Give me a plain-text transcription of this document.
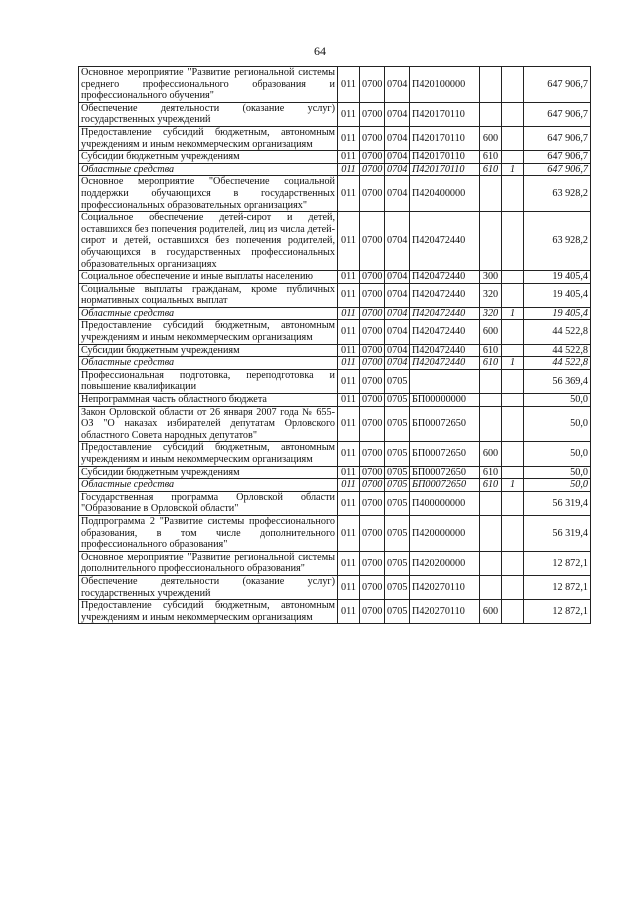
64
Основное мероприятие "Развитие региональной системы среднего профессионального образования и профессионального обучения"	011	0700	0704	П420100000			647 906,7
Обеспечение деятельности (оказание услуг) государственных учреждений	011	0700	0704	П420170110			647 906,7
Предоставление субсидий бюджетным, автономным учреждениям и иным некоммерческим организациям	011	0700	0704	П420170110	600		647 906,7
Субсидии бюджетным учреждениям	011	0700	0704	П420170110	610		647 906,7
Областные средства	011	0700	0704	П420170110	610	1	647 906,7
Основное мероприятие "Обеспечение социальной поддержки обучающихся в государственных профессиональных образовательных организациях"	011	0700	0704	П420400000			63 928,2
Социальное обеспечение детей-сирот и детей, оставшихся без попечения родителей, лиц из числа детей-сирот и детей, оставшихся без попечения родителей, обучающихся в государственных профессиональных образовательных организациях	011	0700	0704	П420472440			63 928,2
Социальное обеспечение и иные выплаты населению	011	0700	0704	П420472440	300		19 405,4
Социальные выплаты гражданам, кроме публичных нормативных социальных выплат	011	0700	0704	П420472440	320		19 405,4
Областные средства	011	0700	0704	П420472440	320	1	19 405,4
Предоставление субсидий бюджетным, автономным учреждениям и иным некоммерческим организациям	011	0700	0704	П420472440	600		44 522,8
Субсидии бюджетным учреждениям	011	0700	0704	П420472440	610		44 522,8
Областные средства	011	0700	0704	П420472440	610	1	44 522,8
Профессиональная подготовка, переподготовка и повышение квалификации	011	0700	0705				56 369,4
Непрограммная часть областного бюджета	011	0700	0705	БП00000000			50,0
Закон Орловской области от 26 января 2007 года № 655-ОЗ "О наказах избирателей депутатам Орловского областного Совета народных депутатов"	011	0700	0705	БП00072650			50,0
Предоставление субсидий бюджетным, автономным учреждениям и иным некоммерческим организациям	011	0700	0705	БП00072650	600		50,0
Субсидии бюджетным учреждениям	011	0700	0705	БП00072650	610		50,0
Областные средства	011	0700	0705	БП00072650	610	1	50,0
Государственная программа Орловской области "Образование в Орловской области"	011	0700	0705	П400000000			56 319,4
Подпрограмма 2 "Развитие системы профессионального образования, в том числе дополнительного профессионального образования"	011	0700	0705	П420000000			56 319,4
Основное мероприятие "Развитие региональной системы дополнительного профессионального образования"	011	0700	0705	П420200000			12 872,1
Обеспечение деятельности (оказание услуг) государственных учреждений	011	0700	0705	П420270110			12 872,1
Предоставление субсидий бюджетным, автономным учреждениям и иным некоммерческим организациям	011	0700	0705	П420270110	600		12 872,1
